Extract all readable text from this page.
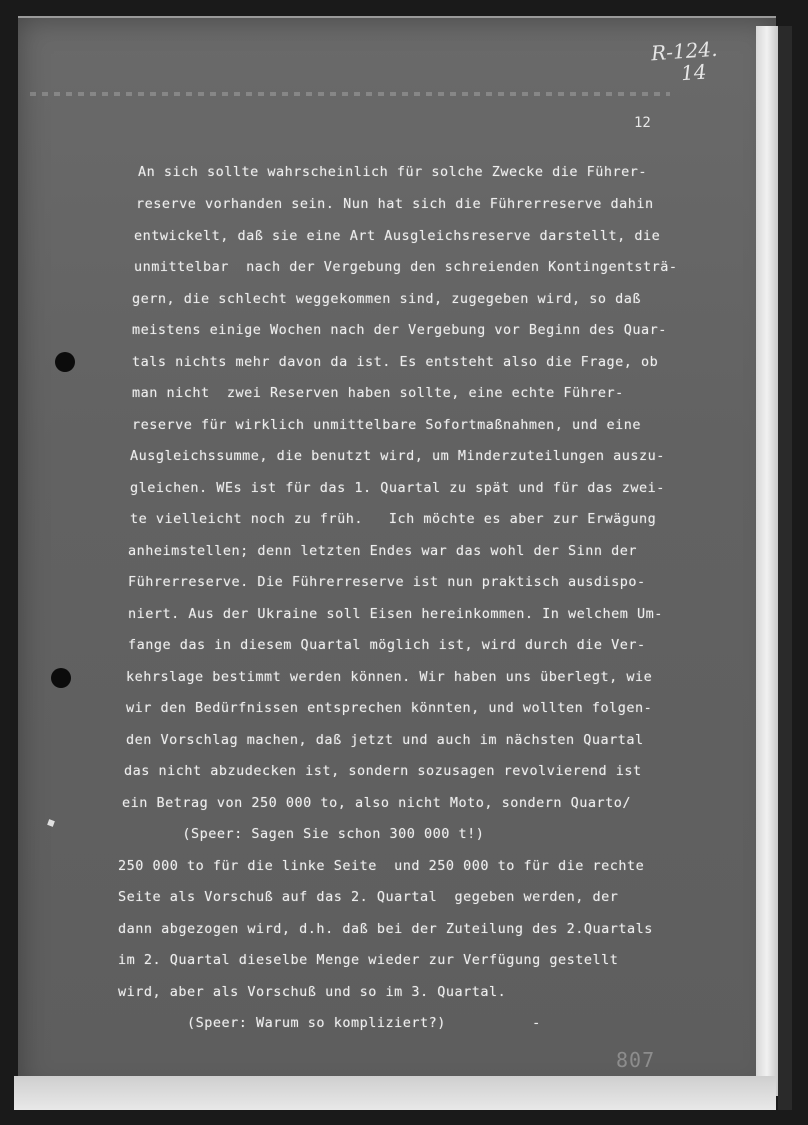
R-124.
14
12
An sich sollte wahrscheinlich für solche Zwecke die Führer-
reserve vorhanden sein. Nun hat sich die Führerreserve dahin
entwickelt, daß sie eine Art Ausgleichsreserve darstellt, die
unmittelbar  nach der Vergebung den schreienden Kontingentsträ-
gern, die schlecht weggekommen sind, zugegeben wird, so daß
meistens einige Wochen nach der Vergebung vor Beginn des Quar-
tals nichts mehr davon da ist. Es entsteht also die Frage, ob
man nicht  zwei Reserven haben sollte, eine echte Führer-
reserve für wirklich unmittelbare Sofortmaßnahmen, und eine
Ausgleichssumme, die benutzt wird, um Minderzuteilungen auszu-
gleichen. WEs ist für das 1. Quartal zu spät und für das zwei-
te vielleicht noch zu früh.   Ich möchte es aber zur Erwägung
anheimstellen; denn letzten Endes war das wohl der Sinn der
Führerreserve. Die Führerreserve ist nun praktisch ausdispo-
niert. Aus der Ukraine soll Eisen hereinkommen. In welchem Um-
fange das in diesem Quartal möglich ist, wird durch die Ver-
kehrslage bestimmt werden können. Wir haben uns überlegt, wie
wir den Bedürfnissen entsprechen könnten, und wollten folgen-
den Vorschlag machen, daß jetzt und auch im nächsten Quartal
das nicht abzudecken ist, sondern sozusagen revolvierend ist
ein Betrag von 250 000 to, also nicht Moto, sondern Quarto/
(Speer: Sagen Sie schon 300 000 t!)
250 000 to für die linke Seite  und 250 000 to für die rechte
Seite als Vorschuß auf das 2. Quartal  gegeben werden, der
dann abgezogen wird, d.h. daß bei der Zuteilung des 2.Quartals
im 2. Quartal dieselbe Menge wieder zur Verfügung gestellt
wird, aber als Vorschuß und so im 3. Quartal.
(Speer: Warum so kompliziert?)          -
807
